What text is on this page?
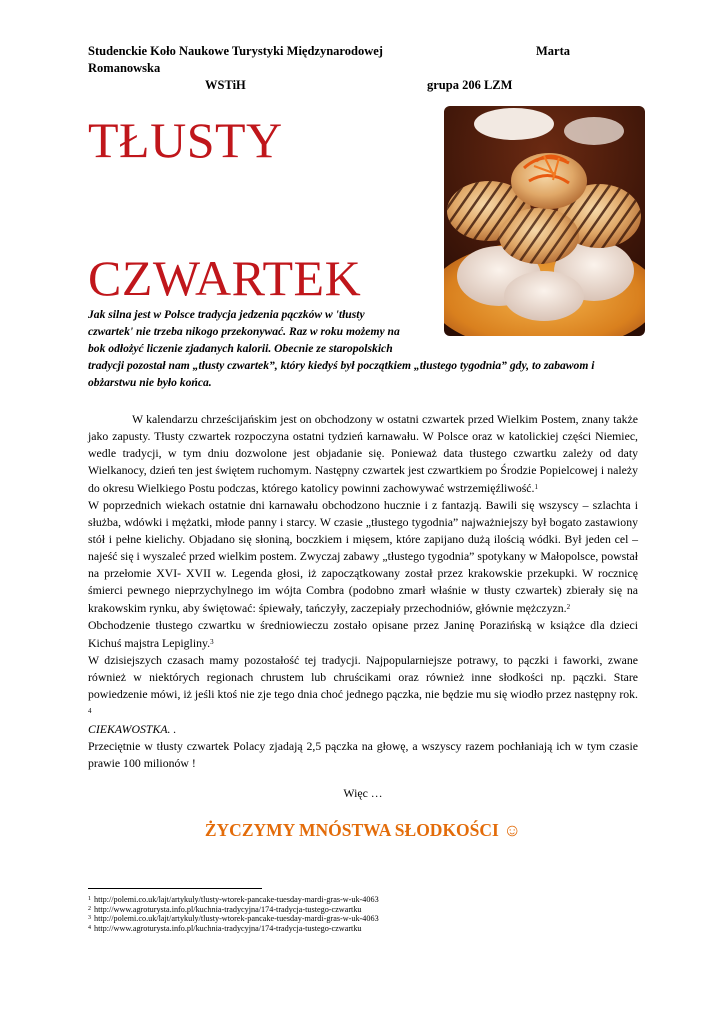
Studenckie Koło Naukowe Turystyki Międzynarodowej	Marta
Romanowska
WSTiH	grupa 206 LZM
TŁUSTY
CZWARTEK
Jak silna jest w Polsce tradycja jedzenia pączków w 'tłusty
czwartek' nie trzeba nikogo przekonywać. Raz w roku możemy na
bok odłożyć liczenie zjadanych kalorii. Obecnie ze staropolskich
tradycji pozostał nam „tłusty czwartek”, który kiedyś był początkiem „tłustego tygodnia” gdy, to zabawom i
obżarstwu nie było końca.

W kalendarzu chrześcijańskim jest on obchodzony w ostatni czwartek przed Wielkim Postem, znany także jako zapusty. Tłusty czwartek rozpoczyna ostatni tydzień karnawału. W Polsce oraz w katolickiej części Niemiec, wedle tradycji, w tym dniu dozwolone jest objadanie się. Ponieważ data tłustego czwartku zależy od daty Wielkanocy, dzień ten jest świętem ruchomym. Następny czwartek jest czwartkiem po Środzie Popielcowej i należy do okresu Wielkiego Postu podczas, którego katolicy powinni zachowywać wstrzemięźliwość.$^1$

W poprzednich wiekach ostatnie dni karnawału obchodzono hucznie i z fantazją. Bawili się wszyscy – szlachta i służba, wdówki i mężatki, młode panny i starcy. W czasie „tłustego tygodnia” najważniejszy był bogato zastawiony stół i pełne kielichy. Objadano się słoniną, boczkiem i mięsem, które zapijano dużą ilością wódki. Był jeden cel – najeść się i wyszaleć przed wielkim postem. Zwyczaj zabawy „tłustego tygodnia” spotykany w Małopolsce, powstał na przełomie XVI- XVII w. Legenda głosi, iż zapoczątkowany został przez krakowskie przekupki. W rocznicę śmierci pewnego nieprzychylnego im wójta Combra (podobno zmarł właśnie w tłusty czwartek) zbierały się na krakowskim rynku, aby świętować: śpiewały, tańczyły, zaczepiały przechodniów, głównie mężczyzn.$^2$

Obchodzenie tłustego czwartku w średniowieczu zostało opisane przez Janinę Porazińską w książce dla dzieci Kichuś majstra Lepigliny.$^3$

W dzisiejszych czasach mamy pozostałość tej tradycji. Najpopularniejsze potrawy, to pączki i faworki, zwane również w niektórych regionach chrustem lub chruścikami oraz również inne słodkości np. pączki. Stare powiedzenie mówi, iż jeśli ktoś nie zje tego dnia choć jednego pączka, nie będzie mu się wiodło przez następny rok. $^4$

CIEKAWOSTKA. .

Przeciętnie w tłusty czwartek Polacy zjadają 2,5 pączka na głowę, a wszyscy razem pochłaniają ich w tym czasie prawie 100 milionów !

Więc …
ŻYCZYMY MNÓSTWA SŁODKOŚCI ☺
$^1$ http://polemi.co.uk/lajt/artykuly/tlusty-wtorek-pancake-tuesday-mardi-gras-w-uk-4063
$^2$ http://www.agroturysta.info.pl/kuchnia-tradycyjna/174-tradycja-tustego-czwartku
$^3$ http://polemi.co.uk/lajt/artykuly/tlusty-wtorek-pancake-tuesday-mardi-gras-w-uk-4063
$^4$ http://www.agroturysta.info.pl/kuchnia-tradycyjna/174-tradycja-tustego-czwartku
